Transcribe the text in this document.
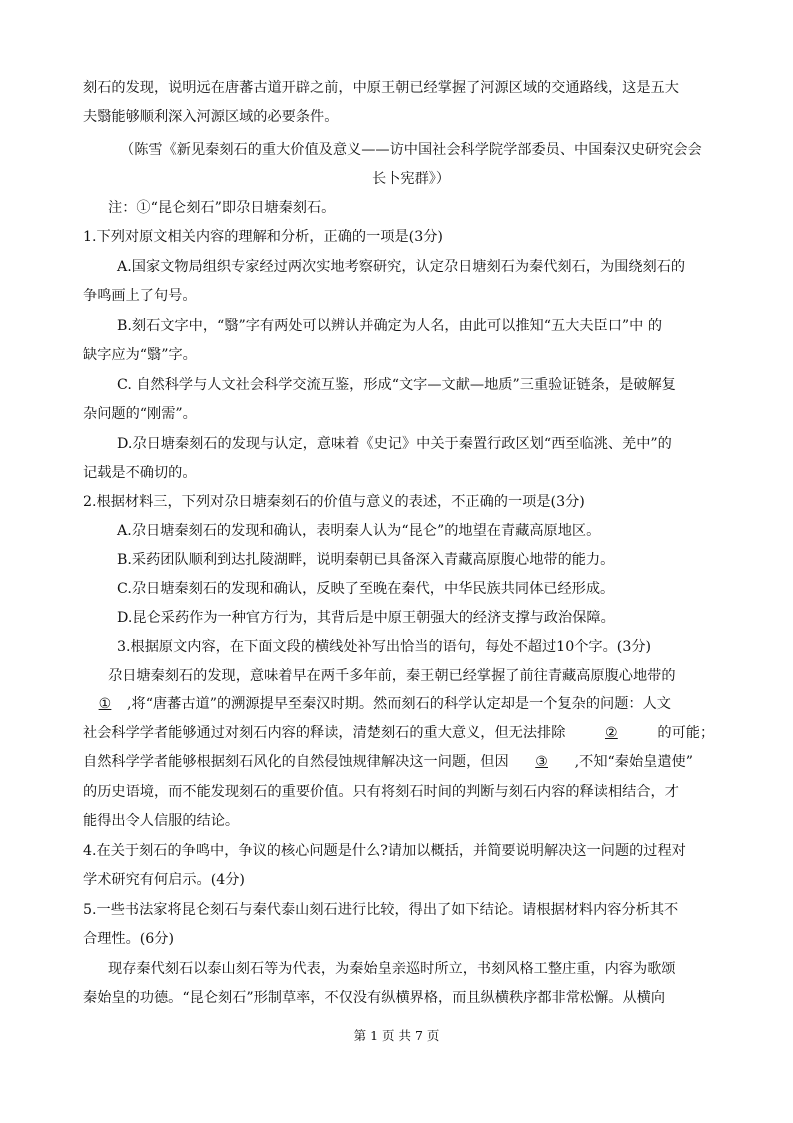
刻石的发现，说明远在唐蕃古道开辟之前，中原王朝已经掌握了河源区域的交通路线，这是五大
夫翳能够顺利深入河源区域的必要条件。
（陈雪《新见秦刻石的重大价值及意义——访中国社会科学院学部委员、中国秦汉史研究会会
长卜宪群》）
注：①“昆仑刻石”即尕日塘秦刻石。
1.下列对原文相关内容的理解和分析，正确的一项是(3分)
A.国家文物局组织专家经过两次实地考察研究，认定尕日塘刻石为秦代刻石，为围绕刻石的
争鸣画上了句号。
B.刻石文字中，“翳”字有两处可以辨认并确定为人名，由此可以推知“五大夫臣口”中 的
缺字应为“翳”字。
C. 自然科学与人文社会科学交流互鉴，形成“文字—文献—地质”三重验证链条，是破解复
杂问题的“刚需”。
D.尕日塘秦刻石的发现与认定，意味着《史记》中关于秦置行政区划“西至临洮、羌中”的
记载是不确切的。
2.根据材料三，下列对尕日塘秦刻石的价值与意义的表述，不正确的一项是(3分)
A.尕日塘秦刻石的发现和确认，表明秦人认为“昆仑”的地望在青藏高原地区。
B.采药团队顺利到达扎陵湖畔，说明秦朝已具备深入青藏高原腹心地带的能力。
C.尕日塘秦刻石的发现和确认，反映了至晚在秦代，中华民族共同体已经形成。
D.昆仑采药作为一种官方行为，其背后是中原王朝强大的经济支撑与政治保障。
3.根据原文内容，在下面文段的横线处补写出恰当的语句，每处不超过10个字。(3分)
尕日塘秦刻石的发现，意味着早在两千多年前，秦王朝已经掌握了前往青藏高原腹心地带的
① ,将“唐蕃古道”的溯源提早至秦汉时期。然而刻石的科学认定却是一个复杂的问题：人文
社会科学学者能够通过对刻石内容的释读，清楚刻石的重大意义，但无法排除	②	的可能；
自然科学学者能够根据刻石风化的自然侵蚀规律解决这一问题，但因 ③ ,不知“秦始皇遣使”
的历史语境，而不能发现刻石的重要价值。只有将刻石时间的判断与刻石内容的释读相结合，才
能得出令人信服的结论。
4.在关于刻石的争鸣中，争议的核心问题是什么?请加以概括，并简要说明解决这一问题的过程对
学术研究有何启示。(4分)
5.一些书法家将昆仑刻石与秦代泰山刻石进行比较，得出了如下结论。请根据材料内容分析其不
合理性。(6分)
现存秦代刻石以泰山刻石等为代表，为秦始皇亲巡时所立，书刻风格工整庄重，内容为歌颂
秦始皇的功德。“昆仑刻石”形制草率，不仅没有纵横界格，而且纵横秩序都非常松懈。从横向
第 1 页 共 7 页
